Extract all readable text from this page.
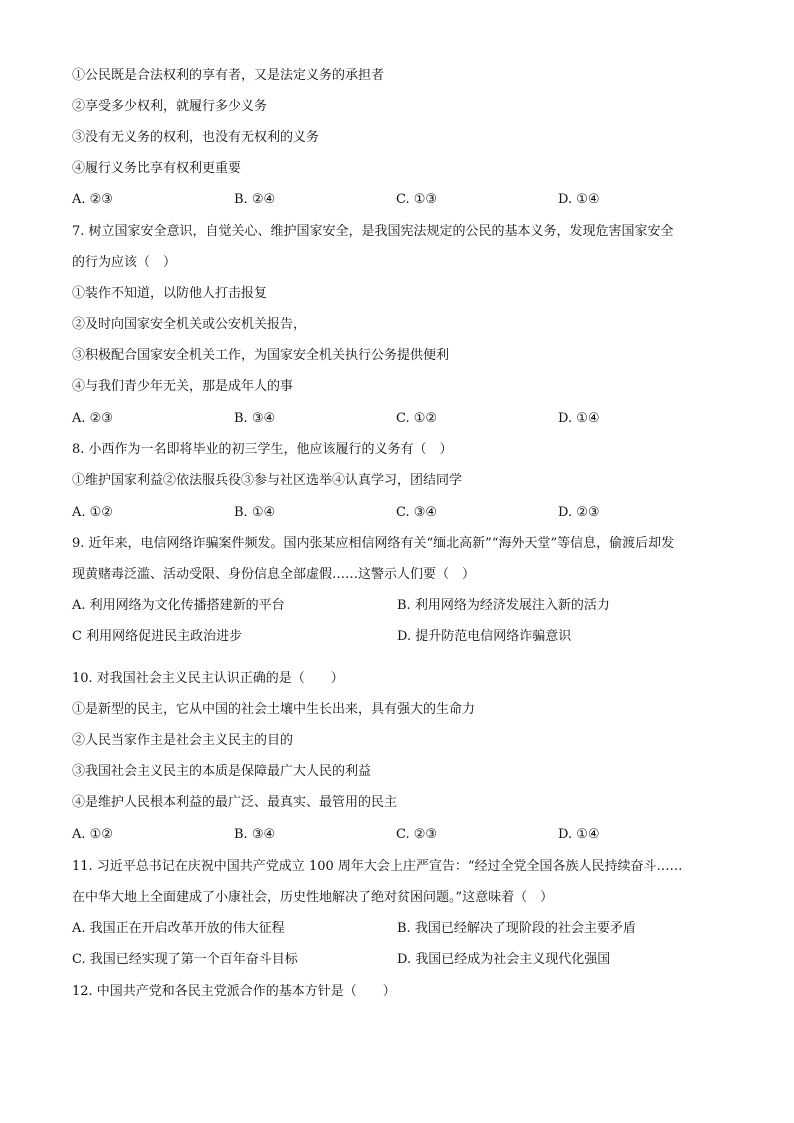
①公民既是合法权利的享有者，又是法定义务的承担者
②享受多少权利，就履行多少义务
③没有无义务的权利，也没有无权利的义务
④履行义务比享有权利更重要
A. ②③	B. ②④	C. ①③	D. ①④
7. 树立国家安全意识，自觉关心、维护国家安全，是我国宪法规定的公民的基本义务，发现危害国家安全
的行为应该（　）
①装作不知道，以防他人打击报复
②及时向国家安全机关或公安机关报告，
③积极配合国家安全机关工作，为国家安全机关执行公务提供便利
④与我们青少年无关，那是成年人的事
A. ②③	B. ③④	C. ①②	D. ①④
8. 小西作为一名即将毕业的初三学生，他应该履行的义务有（　）
①维护国家利益②依法服兵役③参与社区选举④认真学习，团结同学
A. ①②	B. ①④	C. ③④	D. ②③
9. 近年来，电信网络诈骗案件频发。国内张某应相信网络有关“缅北高新”“海外天堂”等信息，偷渡后却发
现黄赌毒泛滥、活动受限、身份信息全部虚假……这警示人们要（　）
A. 利用网络为文化传播搭建新的平台	B. 利用网络为经济发展注入新的活力
C 利用网络促进民主政治进步	D. 提升防范电信网络诈骗意识
10. 对我国社会主义民主认识正确的是（　　）
①是新型的民主，它从中国的社会土壤中生长出来，具有强大的生命力
②人民当家作主是社会主义民主的目的
③我国社会主义民主的本质是保障最广大人民的利益
④是维护人民根本利益的最广泛、最真实、最管用的民主
A. ①②	B. ③④	C. ②③	D. ①④
11. 习近平总书记在庆祝中国共产党成立 100 周年大会上庄严宣告：“经过全党全国各族人民持续奋斗……
在中华大地上全面建成了小康社会，历史性地解决了绝对贫困问题。”这意味着（　）
A. 我国正在开启改革开放的伟大征程	B. 我国已经解决了现阶段的社会主要矛盾
C. 我国已经实现了第一个百年奋斗目标	D. 我国已经成为社会主义现代化强国
12. 中国共产党和各民主党派合作的基本方针是（　　）
